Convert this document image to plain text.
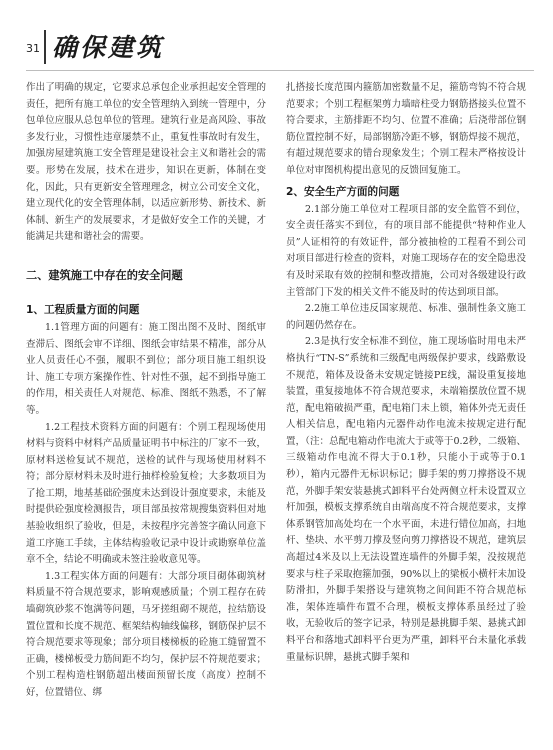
31 确保建筑

作出了明确的规定，它要求总承包企业承担起安全管理的责任，把所有施工单位的安全管理纳入到统一管理中，分包单位应服从总包单位的管理。建筑行业是高风险、事故多发行业，习惯性违章屡禁不止，重复性事故时有发生，加强房屋建筑施工安全管理是建设社会主义和谐社会的需要。形势在发展，技术在进步，知识在更新，体制在变化，因此，只有更新安全管理理念，树立公司安全文化，建立现代化的安全管理体制，以适应新形势、新技术、新体制、新生产的发展要求，才是做好安全工作的关键，才能满足共建和谐社会的需要。

二、建筑施工中存在的安全问题
1、工程质量方面的问题

1.1管理方面的问题有：施工图出图不及时、图纸审查滞后、图纸会审不详细、图纸会审结果不精准，部分从业人员责任心不强，履职不到位；部分项目施工组织设计、施工专项方案操作性、针对性不强，起不到指导施工的作用，相关责任人对规范、标准、图纸不熟悉，不了解等。

1.2工程技术资料方面的问题有：个别工程现场使用材料与资料中材料产品质量证明书中标注的厂家不一致，原材料送检复试不规范，送检的试件与现场使用材料不符；部分原材料未及时进行抽样检验复检；大多数项目为了抢工期，地基基础砼强度未达到设计强度要求，未能及时提供砼强度检测报告，项目部虽按常规搜集资料但对地基验收组织了验收，但是，未按程序完善签字确认同意下道工序施工手续，主体结构验收记录中设计或勘察单位盖章不全，结论不明确或未签注验收意见等。

1.3工程实体方面的问题有：大部分项目砌体砌筑材料质量不符合规范要求，影响观感质量；个别工程存在砖墙砌筑砂浆不饱满等问题，马牙搓组砌不规范，拉结筋设置位置和长度不规范、框架结构轴线偏移，钢筋保护层不符合规范要求等现象；部分项目楼梯板的砼施工缝留置不正确，楼梯板受力筋间距不均匀，保护层不符规范要求；个别工程构造柱钢筋超出楼面预留长度（高度）控制不好，位置错位、绑

扎搭接长度范围内箍筋加密数量不足，箍筋弯钩不符合规范要求；个别工程框架剪力墙暗柱受力钢筋搭接头位置不符合要求，主筋排距不均匀、位置不准确；后浇带部位钢筋位置控制不好，局部钢筋冷距不够，钢筋焊接不规范，有超过规范要求的错台现象发生；个别工程未严格按设计单位对审图机构提出意见的反馈回复施工。

2、安全生产方面的问题

2.1部分施工单位对工程项目部的安全监管不到位，安全责任落实不到位，有的项目部不能提供“特种作业人员”人证相符的有效证件，部分被抽检的工程看不到公司对项目部进行检查的资料，对施工现场存在的安全隐患没有及时采取有效的控制和整改措施，公司对各级建设行政主管部门下发的相关文件不能及时的传达到项目部。

2.2施工单位违反国家规范、标准、强制性条文施工的问题仍然存在。

2.3是执行安全标准不到位，施工现场临时用电未严格执行“TN-S”系统和三级配电两级保护要求，线路敷设不规范，箱体及设备未安规定链接PE线，漏设重复接地装置，重复接地体不符合规范要求，未端箱摆放位置不规范，配电箱破损严重，配电箱门未上锁，箱体外壳无责任人相关信息，配电箱内元器件动作电流未按规定进行配置，（注：总配电箱动作电流大于或等于0.2秒，二级箱、三级箱动作电流不得大于0.1秒，只能小于或等于0.1秒），箱内元器件无标识标记；脚手架的剪刀撑搭设不规范，外脚手架安装悬挑式卸料平台处两侧立杆未设置双立杆加强，模板支撑系统自由端高度不符合规范要求，支撑体系钢管加高处均在一个水平面，未进行错位加高，扫地杆、垫块、水平剪刀撑及竖向剪刀撑搭设不规范，建筑层高超过4米及以上无法设置连墙件的外脚手架，没按规范要求与柱子采取抱箍加强，90%以上的梁板小横杆未加设防滑扣，外脚手架搭设与建筑物之间间距不符合规范标准，架体连墙件布置不合理，模板支撑体系虽经过了验收，无验收后的签字记录，特别是悬挑脚手架、悬挑式卸料平台和落地式卸料平台更为严重，卸料平台未量化承载重量标识牌，悬挑式脚手架和
